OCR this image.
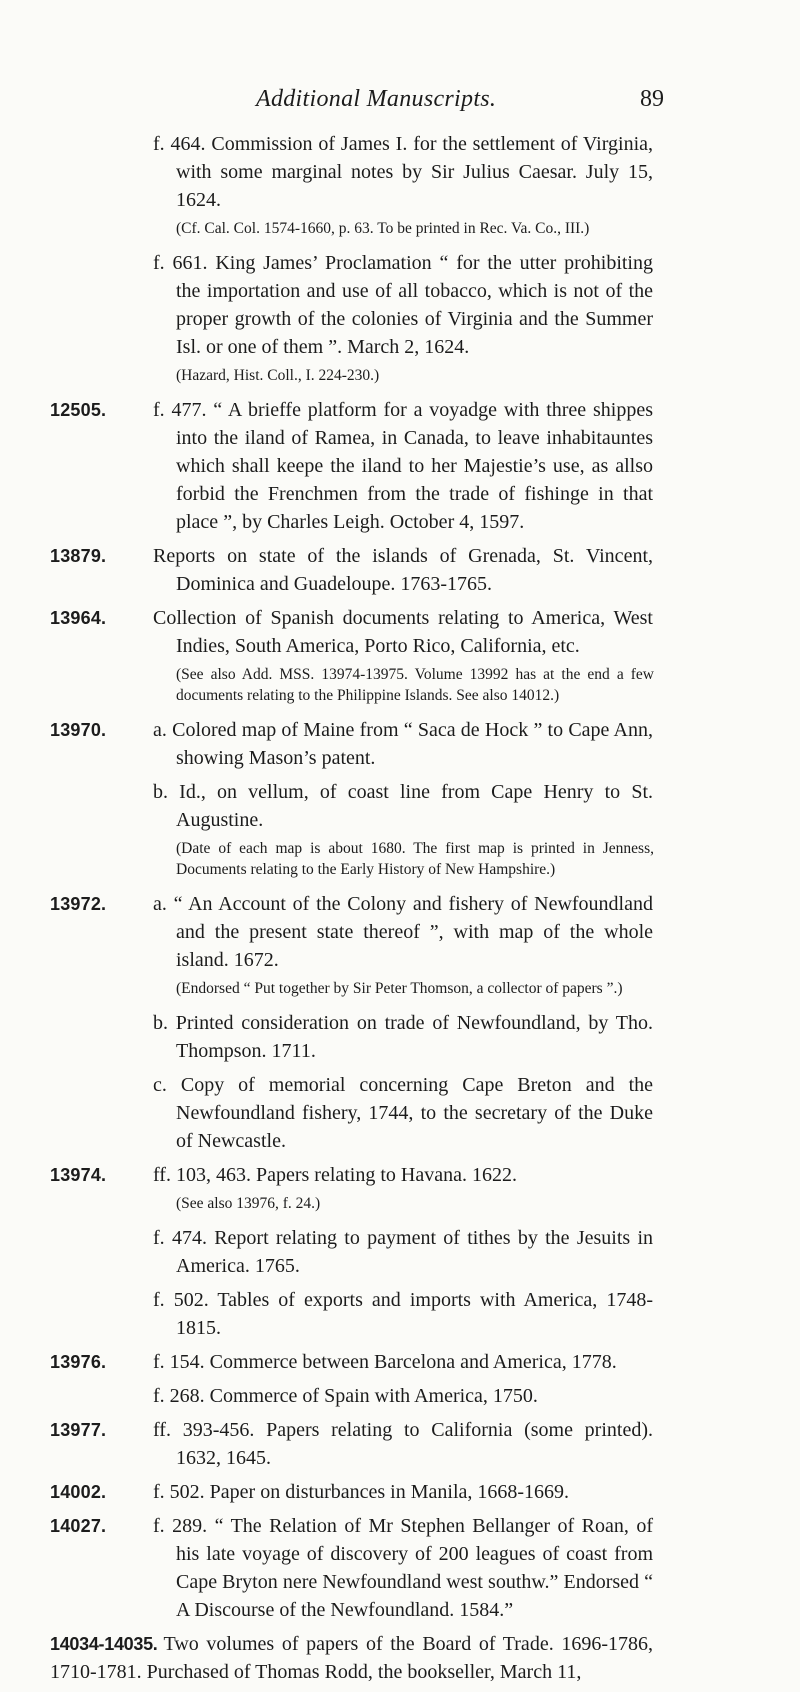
Additional Manuscripts.	89
f. 464. Commission of James I. for the settlement of Virginia, with some marginal notes by Sir Julius Caesar. July 15, 1624.
(Cf. Cal. Col. 1574-1660, p. 63. To be printed in Rec. Va. Co., III.)
f. 661. King James’ Proclamation “ for the utter prohibiting the importation and use of all tobacco, which is not of the proper growth of the colonies of Virginia and the Summer Isl. or one of them ”. March 2, 1624.
(Hazard, Hist. Coll., I. 224-230.)
12505. f. 477. “ A brieffe platform for a voyadge with three shippes into the iland of Ramea, in Canada, to leave inhabitauntes which shall keepe the iland to her Majestie’s use, as allso forbid the Frenchmen from the trade of fishinge in that place ”, by Charles Leigh. October 4, 1597.
13879. Reports on state of the islands of Grenada, St. Vincent, Dominica and Guadeloupe. 1763-1765.
13964. Collection of Spanish documents relating to America, West Indies, South America, Porto Rico, California, etc.
(See also Add. MSS. 13974-13975. Volume 13992 has at the end a few documents relating to the Philippine Islands. See also 14012.)
13970. a. Colored map of Maine from “ Saca de Hock ” to Cape Ann, showing Mason’s patent.
b. Id., on vellum, of coast line from Cape Henry to St. Augustine.
(Date of each map is about 1680. The first map is printed in Jenness, Documents relating to the Early History of New Hampshire.)
13972. a. “ An Account of the Colony and fishery of Newfoundland and the present state thereof ”, with map of the whole island. 1672.
(Endorsed “ Put together by Sir Peter Thomson, a collector of papers ”.)
b. Printed consideration on trade of Newfoundland, by Tho. Thompson. 1711.
c. Copy of memorial concerning Cape Breton and the Newfoundland fishery, 1744, to the secretary of the Duke of Newcastle.
13974. ff. 103, 463. Papers relating to Havana. 1622.
(See also 13976, f. 24.)
f. 474. Report relating to payment of tithes by the Jesuits in America. 1765.
f. 502. Tables of exports and imports with America, 1748-1815.
13976. f. 154. Commerce between Barcelona and America, 1778.
f. 268. Commerce of Spain with America, 1750.
13977. ff. 393-456. Papers relating to California (some printed). 1632, 1645.
14002. f. 502. Paper on disturbances in Manila, 1668-1669.
14027. f. 289. “ The Relation of Mr Stephen Bellanger of Roan, of his late voyage of discovery of 200 leagues of coast from Cape Bryton nere Newfoundland west southw.” Endorsed “ A Discourse of the Newfoundland. 1584.”
14034-14035. Two volumes of papers of the Board of Trade. 1696-1786, 1710-1781. Purchased of Thomas Rodd, the bookseller, March 11,
